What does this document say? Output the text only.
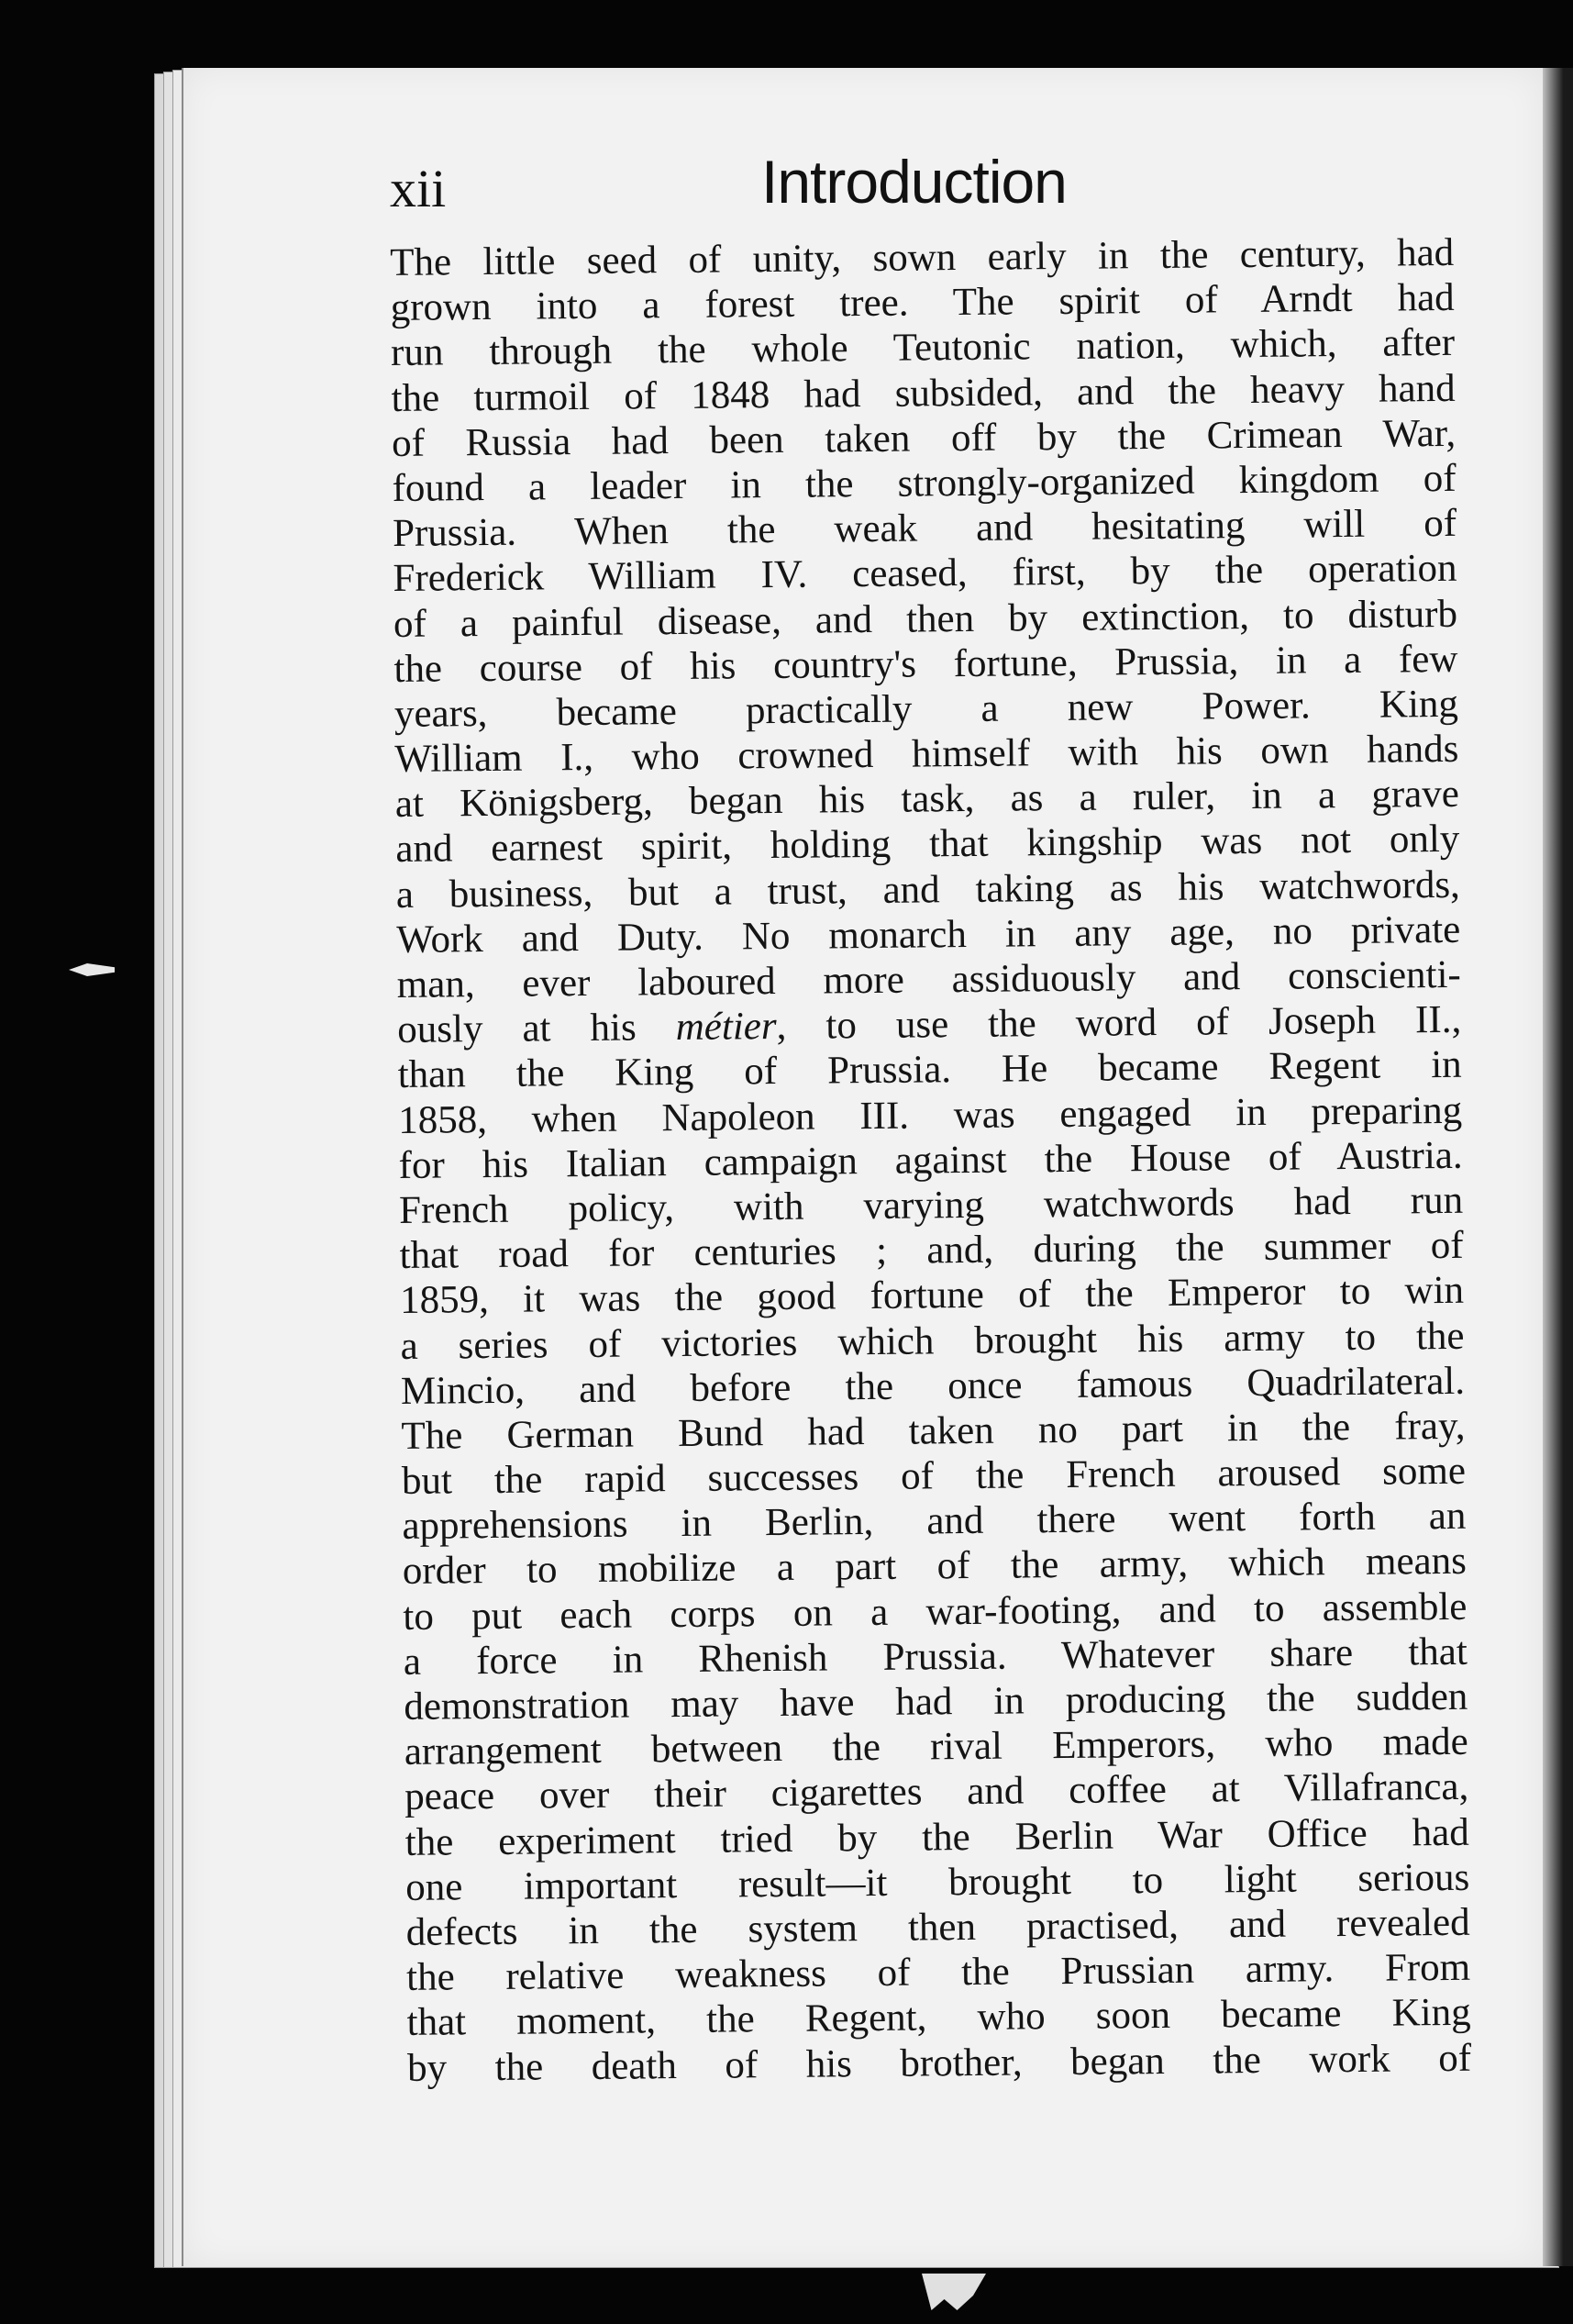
xii	Introduction
The little seed of unity, sown early in the century, had
grown into a forest tree. The spirit of Arndt had
run through the whole Teutonic nation, which, after
the turmoil of 1848 had subsided, and the heavy hand
of Russia had been taken off by the Crimean War,
found a leader in the strongly-organized kingdom of
Prussia. When the weak and hesitating will of
Frederick William IV. ceased, first, by the operation
of a painful disease, and then by extinction, to disturb
the course of his country's fortune, Prussia, in a few
years, became practically a new Power. King
William I., who crowned himself with his own hands
at Königsberg, began his task, as a ruler, in a grave
and earnest spirit, holding that kingship was not only
a business, but a trust, and taking as his watchwords,
Work and Duty. No monarch in any age, no private
man, ever laboured more assiduously and conscienti-
ously at his métier, to use the word of Joseph II.,
than the King of Prussia. He became Regent in
1858, when Napoleon III. was engaged in preparing
for his Italian campaign against the House of Austria.
French policy, with varying watchwords had run
that road for centuries ; and, during the summer of
1859, it was the good fortune of the Emperor to win
a series of victories which brought his army to the
Mincio, and before the once famous Quadrilateral.
The German Bund had taken no part in the fray,
but the rapid successes of the French aroused some
apprehensions in Berlin, and there went forth an
order to mobilize a part of the army, which means
to put each corps on a war-footing, and to assemble
a force in Rhenish Prussia. Whatever share that
demonstration may have had in producing the sudden
arrangement between the rival Emperors, who made
peace over their cigarettes and coffee at Villafranca,
the experiment tried by the Berlin War Office had
one important result—it brought to light serious
defects in the system then practised, and revealed
the relative weakness of the Prussian army. From
that moment, the Regent, who soon became King
by the death of his brother, began the work of
